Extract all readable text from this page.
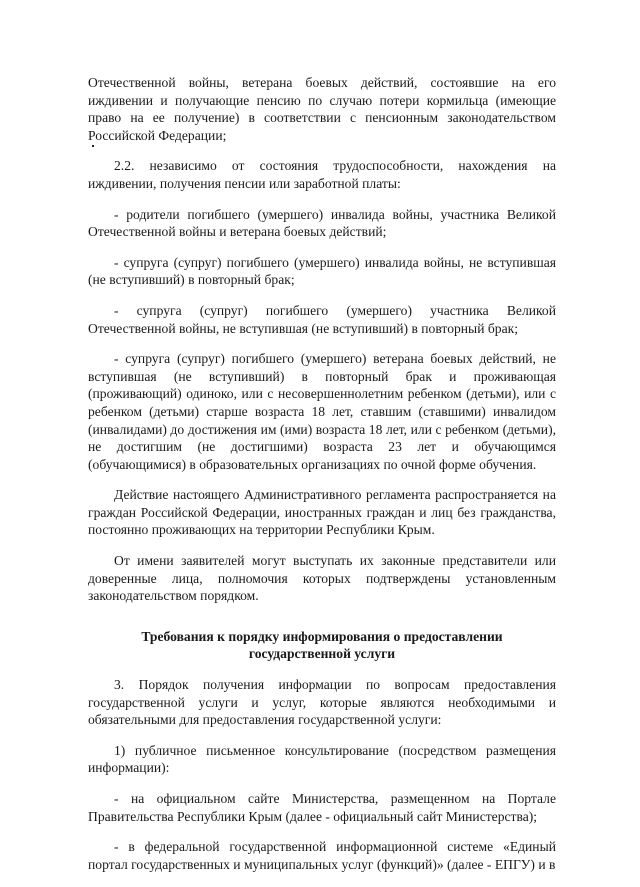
Отечественной войны, ветерана боевых действий, состоявшие на его иждивении и получающие пенсию по случаю потери кормильца (имеющие право на ее получение) в соответствии с пенсионным законодательством Российской Федерации;

2.2. независимо от состояния трудоспособности, нахождения на иждивении, получения пенсии или заработной платы:

- родители погибшего (умершего) инвалида войны, участника Великой Отечественной войны и ветерана боевых действий;

- супруга (супруг) погибшего (умершего) инвалида войны, не вступившая (не вступивший) в повторный брак;

- супруга (супруг) погибшего (умершего) участника Великой Отечественной войны, не вступившая (не вступивший) в повторный брак;

- супруга (супруг) погибшего (умершего) ветерана боевых действий, не вступившая (не вступивший) в повторный брак и проживающая (проживающий) одиноко, или с несовершеннолетним ребенком (детьми), или с ребенком (детьми) старше возраста 18 лет, ставшим (ставшими) инвалидом (инвалидами) до достижения им (ими) возраста 18 лет, или с ребенком (детьми), не достигшим (не достигшими) возраста 23 лет и обучающимся (обучающимися) в образовательных организациях по очной форме обучения.

Действие настоящего Административного регламента распространяется на граждан Российской Федерации, иностранных граждан и лиц без гражданства, постоянно проживающих на территории Республики Крым.

От имени заявителей могут выступать их законные представители или доверенные лица, полномочия которых подтверждены установленным законодательством порядком.

Требования к порядку информирования о предоставлении
государственной услуги

3. Порядок получения информации по вопросам предоставления государственной услуги и услуг, которые являются необходимыми и обязательными для предоставления государственной услуги:

1) публичное письменное консультирование (посредством размещения информации):

- на официальном сайте Министерства, размещенном на Портале Правительства Республики Крым (далее - официальный сайт Министерства);

- в федеральной государственной информационной системе «Единый портал государственных и муниципальных услуг (функций)» (далее - ЕПГУ) и в
